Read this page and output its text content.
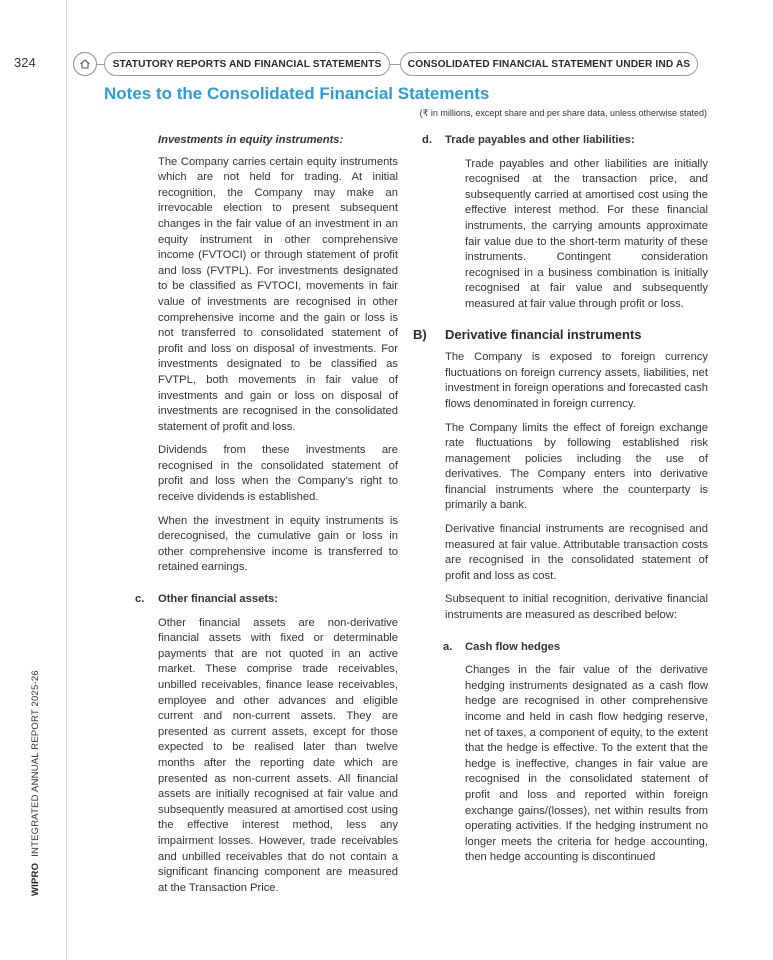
324	STATUTORY REPORTS AND FINANCIAL STATEMENTS	CONSOLIDATED FINANCIAL STATEMENT UNDER IND AS
Notes to the Consolidated Financial Statements
(₹ in millions, except share and per share data, unless otherwise stated)
WIPROINTEGRATED ANNUAL REPORT 2025-26
Investments in equity instruments:

The Company carries certain equity instruments which are not held for trading. At initial recognition, the Company may make an irrevocable election to present subsequent changes in the fair value of an investment in an equity instrument in other comprehensive income (FVTOCI) or through statement of profit and loss (FVTPL). For investments designated to be classified as FVTOCI, movements in fair value of investments are recognised in other comprehensive income and the gain or loss is not transferred to consolidated statement of profit and loss on disposal of investments. For investments designated to be classified as FVTPL, both movements in fair value of investments and gain or loss on disposal of investments are recognised in the consolidated statement of profit and loss.

Dividends from these investments are recognised in the consolidated statement of profit and loss when the Company’s right to receive dividends is established.

When the investment in equity instruments is derecognised, the cumulative gain or loss in other comprehensive income is transferred to retained earnings.

c. Other financial assets:

Other financial assets are non-derivative financial assets with fixed or determinable payments that are not quoted in an active market. These comprise trade receivables, unbilled receivables, finance lease receivables, employee and other advances and eligible current and non-current assets. They are presented as current assets, except for those expected to be realised later than twelve months after the reporting date which are presented as non-current assets. All financial assets are initially recognised at fair value and subsequently measured at amortised cost using the effective interest method, less any impairment losses. However, trade receivables and unbilled receivables that do not contain a significant financing component are measured at the Transaction Price.

d. Trade payables and other liabilities:

Trade payables and other liabilities are initially recognised at the transaction price, and subsequently carried at amortised cost using the effective interest method. For these financial instruments, the carrying amounts approximate fair value due to the short-term maturity of these instruments. Contingent consideration recognised in a business combination is initially recognised at fair value and subsequently measured at fair value through profit or loss.

B) Derivative financial instruments

The Company is exposed to foreign currency fluctuations on foreign currency assets, liabilities, net investment in foreign operations and forecasted cash flows denominated in foreign currency.

The Company limits the effect of foreign exchange rate fluctuations by following established risk management policies including the use of derivatives. The Company enters into derivative financial instruments where the counterparty is primarily a bank.

Derivative financial instruments are recognised and measured at fair value. Attributable transaction costs are recognised in the consolidated statement of profit and loss as cost.

Subsequent to initial recognition, derivative financial instruments are measured as described below:

a. Cash flow hedges

Changes in the fair value of the derivative hedging instruments designated as a cash flow hedge are recognised in other comprehensive income and held in cash flow hedging reserve, net of taxes, a component of equity, to the extent that the hedge is effective. To the extent that the hedge is ineffective, changes in fair value are recognised in the consolidated statement of profit and loss and reported within foreign exchange gains/(losses), net within results from operating activities. If the hedging instrument no longer meets the criteria for hedge accounting, then hedge accounting is discontinued
